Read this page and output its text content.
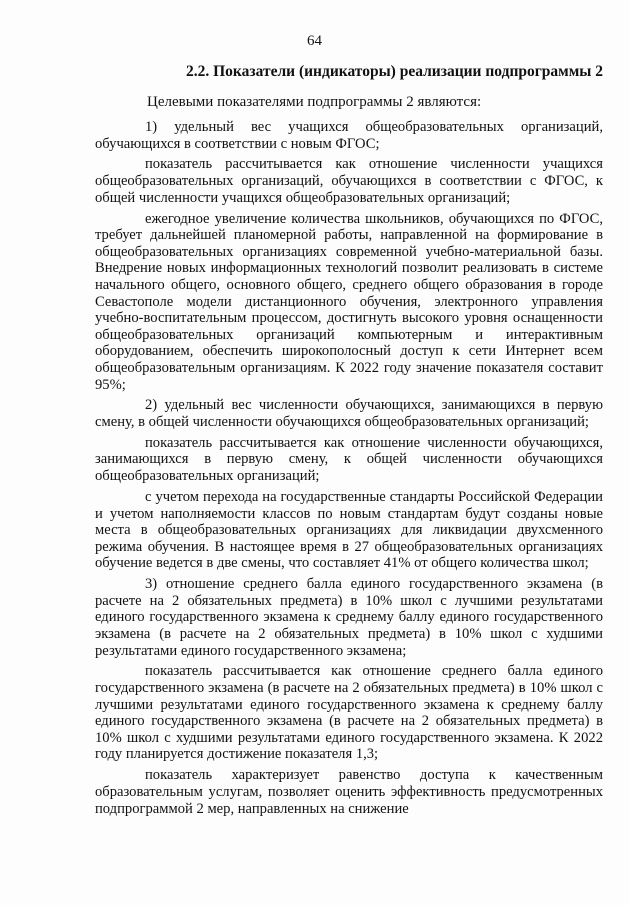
64
2.2. Показатели (индикаторы) реализации подпрограммы 2
Целевыми показателями подпрограммы 2 являются:

1) удельный вес учащихся общеобразовательных организаций, обучающихся в соответствии с новым ФГОС;

показатель рассчитывается как отношение численности учащихся общеобразовательных организаций, обучающихся в соответствии с ФГОС, к общей численности учащихся общеобразовательных организаций;

ежегодное увеличение количества школьников, обучающихся по ФГОС, требует дальнейшей планомерной работы, направленной на формирование в общеобразовательных организациях современной учебно-материальной базы. Внедрение новых информационных технологий позволит реализовать в системе начального общего, основного общего, среднего общего образования в городе Севастополе модели дистанционного обучения, электронного управления учебно-воспитательным процессом, достигнуть высокого уровня оснащенности общеобразовательных организаций компьютерным и интерактивным оборудованием, обеспечить широкополосный доступ к сети Интернет всем общеобразовательным организациям. К 2022 году значение показателя составит 95%;

2) удельный вес численности обучающихся, занимающихся в первую смену, в общей численности обучающихся общеобразовательных организаций;

показатель рассчитывается как отношение численности обучающихся, занимающихся в первую смену, к общей численности обучающихся общеобразовательных организаций;

с учетом перехода на государственные стандарты Российской Федерации и учетом наполняемости классов по новым стандартам будут созданы новые места в общеобразовательных организациях для ликвидации двухсменного режима обучения. В настоящее время в 27 общеобразовательных организациях обучение ведется в две смены, что составляет 41% от общего количества школ;

3) отношение среднего балла единого государственного экзамена (в расчете на 2 обязательных предмета) в 10% школ с лучшими результатами единого государственного экзамена к среднему баллу единого государственного экзамена (в расчете на 2 обязательных предмета) в 10% школ с худшими результатами единого государственного экзамена;

показатель рассчитывается как отношение среднего балла единого государственного экзамена (в расчете на 2 обязательных предмета) в 10% школ с лучшими результатами единого государственного экзамена к среднему баллу единого государственного экзамена (в расчете на 2 обязательных предмета) в 10% школ с худшими результатами единого государственного экзамена. К 2022 году планируется достижение показателя 1,3;

показатель характеризует равенство доступа к качественным образовательным услугам, позволяет оценить эффективность предусмотренных подпрограммой 2 мер, направленных на снижение
